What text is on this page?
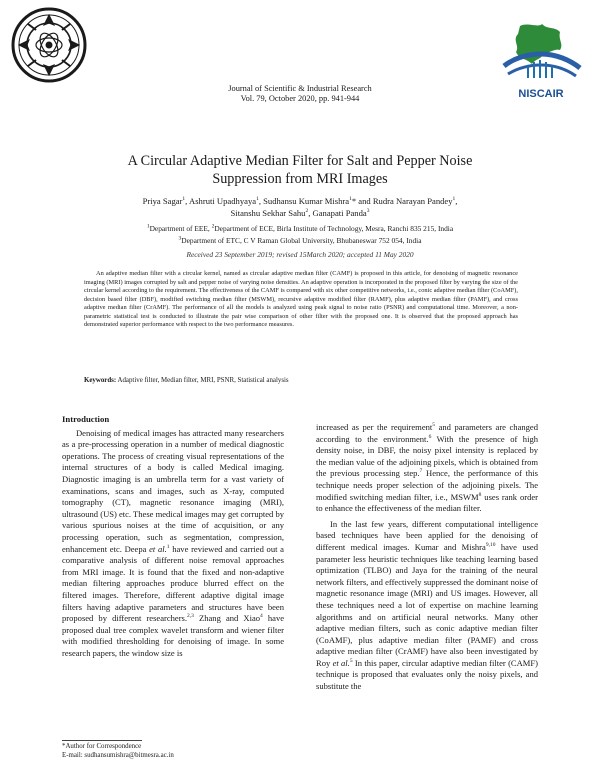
NISCAIR
Journal of Scientific & Industrial Research
Vol. 79, October 2020, pp. 941-944
A Circular Adaptive Median Filter for Salt and Pepper Noise
Suppression from MRI Images
Priya Sagar$^1$, Ashruti Upadhyaya$^1$, Sudhansu Kumar Mishra$^1$* and Rudra Narayan Pandey$^1$,
Sitanshu Sekhar Sahu$^2$, Ganapati Panda$^3$
$^1$Department of EEE, $^2$Department of ECE, Birla Institute of Technology, Mesra, Ranchi 835 215, India
$^3$Department of ETC, C V Raman Global University, Bhubaneswar 752 054, India
Received 23 September 2019; revised 15March 2020; accepted 11 May 2020

An adaptive median filter with a circular kernel, named as circular adaptive median filter (CAMF) is proposed in this article, for denoising of magnetic resonance imaging (MRI) images corrupted by salt and pepper noise of varying noise densities. An adaptive operation is incorporated in the proposed filter by varying the size of the circular kernel according to the requirement. The effectiveness of the CAMF is compared with six other competitive networks, i.e., conic adaptive median filter (CoAMF), decision based filter (DBF), modified switching median filter (MSWM), recursive adaptive modified filter (RAMF), plus adaptive median filter (PAMF), and cross adaptive median filter (CrAMF). The performance of all the models is analyzed using peak signal to noise ratio (PSNR) and computational time. Moreover, a non-parametric statistical test is conducted to illustrate the pair wise comparison of other filter with the proposed one. It is observed that the proposed approach has demonstrated superior performance with respect to the two performance measures.

Keywords: Adaptive filter, Median filter, MRI, PSNR, Statistical analysis

Introduction

Denoising of medical images has attracted many researchers as a pre-processing operation in a number of medical diagnostic operations. The process of creating visual representations of the internal structures of a body is called Medical imaging. Diagnostic imaging is an umbrella term for a vast variety of examinations, scans and images, such as X-ray, computed tomography (CT), magnetic resonance imaging (MRI), ultrasound (US) etc. These medical images may get corrupted by various spurious noises at the time of acquisition, or any processing operation, such as segmentation, compression, enhancement etc. Deepa et al.$^1$ have reviewed and carried out a comparative analysis of different noise removal approaches from MRI image. It is found that the fixed and non-adaptive median filtering approaches produce blurred effect on the filtered images. Therefore, different adaptive digital image filters having adaptive parameters and structures have been proposed by different researchers.$^{2,3}$ Zhang and Xiao$^4$ have proposed dual tree complex wavelet transform and wiener filter with modified thresholding for denoising of image. In some research papers, the window size is

increased as per the requirement$^5$ and parameters are changed according to the environment.$^6$ With the presence of high density noise, in DBF, the noisy pixel intensity is replaced by the median value of the adjoining pixels, which is obtained from the previous processing step.$^7$ Hence, the performance of this technique needs proper selection of the adjoining pixels. The modified switching median filter, i.e., MSWM$^8$ uses rank order to enhance the effectiveness of the median filter.

In the last few years, different computational intelligence based techniques have been applied for the denoising of different medical images. Kumar and Mishra$^{9,10}$ have used parameter less heuristic techniques like teaching learning based optimization (TLBO) and Jaya for the training of the neural network filters, and effectively suppressed the dominant noise of magnetic resonance image (MRI) and US images. However, all these techniques need a lot of expertise on machine learning algorithms and on artificial neural networks. Many other adaptive median filters, such as conic adaptive median filter (CoAMF), plus adaptive median filter (PAMF) and cross adaptive median filter (CrAMF) have also been investigated by Roy et al.$^5$ In this paper, circular adaptive median filter (CAMF) technique is proposed that evaluates only the noisy pixels, and substitute the

*Author for Correspondence
E-mail: sudhansumishra@bitmesra.ac.in
